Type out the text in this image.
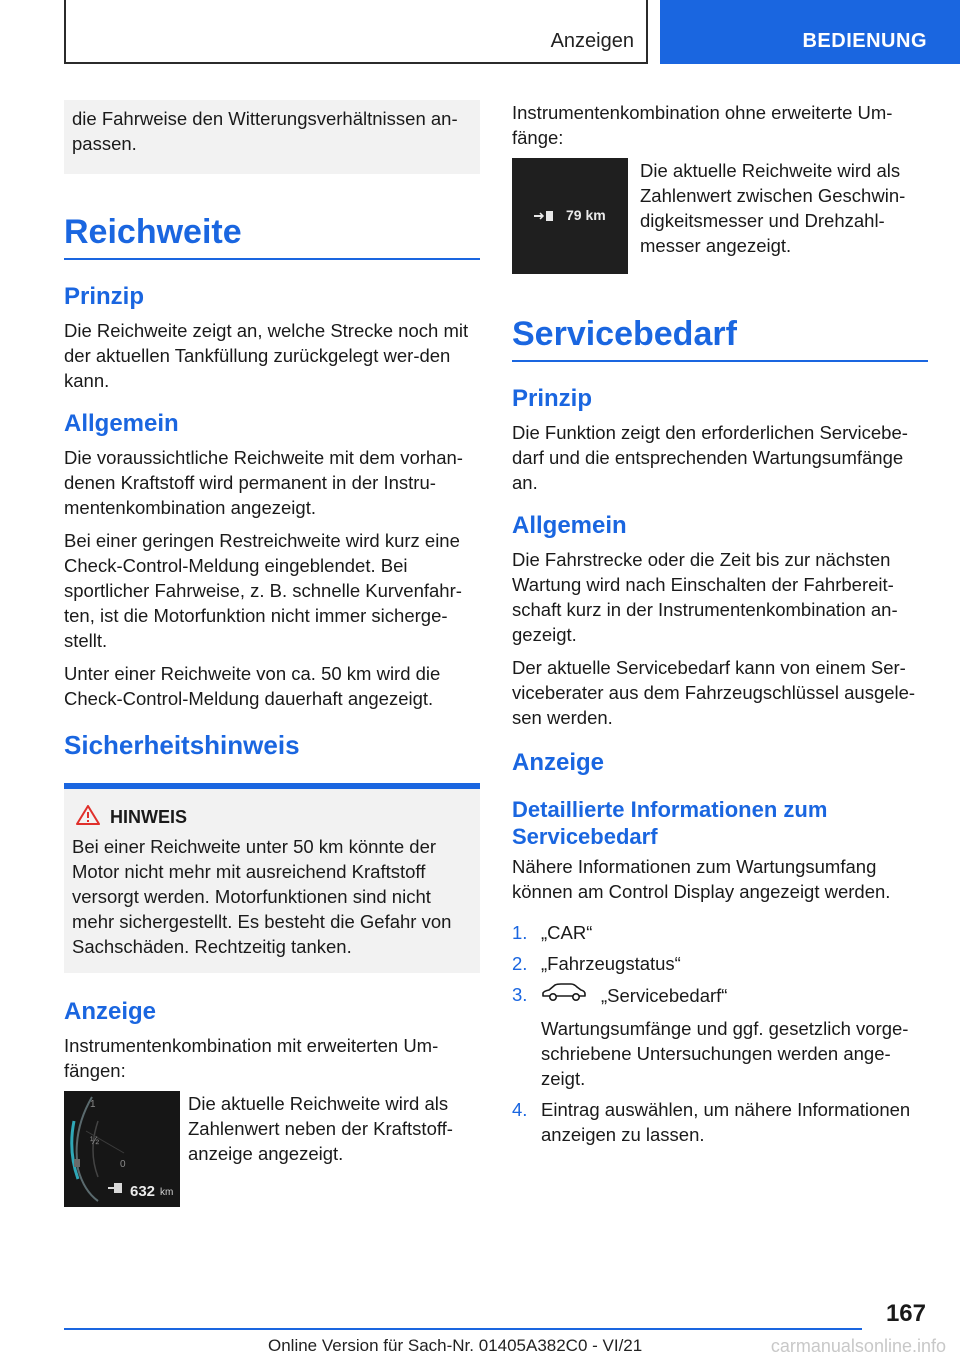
Anzeigen	BEDIENUNG

die Fahrweise den Witterungsverhältnissen an-passen.

Reichweite
Prinzip

Die Reichweite zeigt an, welche Strecke noch mit der aktuellen Tankfüllung zurückgelegt wer-den kann.

Allgemein

Die voraussichtliche Reichweite mit dem vorhan-denen Kraftstoff wird permanent in der Instru-mentenkombination angezeigt.

Bei einer geringen Restreichweite wird kurz eine Check-Control-Meldung eingeblendet. Bei sportlicher Fahrweise, z. B. schnelle Kurvenfahr-ten, ist die Motorfunktion nicht immer sicherge-stellt.

Unter einer Reichweite von ca. 50 km wird die Check-Control-Meldung dauerhaft angezeigt.

Sicherheitshinweis
HINWEIS

Bei einer Reichweite unter 50 km könnte der Motor nicht mehr mit ausreichend Kraftstoff versorgt werden. Motorfunktionen sind nicht mehr sichergestellt. Es besteht die Gefahr von Sachschäden. Rechtzeitig tanken.

Anzeige

Instrumentenkombination mit erweiterten Um-fängen:

1
½
0
632 km

Die aktuelle Reichweite wird als Zahlenwert neben der Kraftstoff-anzeige angezeigt.

Instrumentenkombination ohne erweiterte Um-fänge:

79 km

Die aktuelle Reichweite wird als Zahlenwert zwischen Geschwin-digkeitsmesser und Drehzahl-messer angezeigt.

Servicebedarf
Prinzip

Die Funktion zeigt den erforderlichen Servicebe-darf und die entsprechenden Wartungsumfänge an.

Allgemein

Die Fahrstrecke oder die Zeit bis zur nächsten Wartung wird nach Einschalten der Fahrbereit-schaft kurz in der Instrumentenkombination an-gezeigt.

Der aktuelle Servicebedarf kann von einem Ser-viceberater aus dem Fahrzeugschlüssel ausgele-sen werden.

Anzeige
Detaillierte Informationen zum Servicebedarf

Nähere Informationen zum Wartungsumfang können am Control Display angezeigt werden.

1. „CAR“
2. „Fahrzeugstatus“
3.	„Servicebedarf“
Wartungsumfänge und ggf. gesetzlich vorge-schriebene Untersuchungen werden ange-zeigt.
4. Eintrag auswählen, um nähere Informationen anzeigen zu lassen.
167
Online Version für Sach-Nr. 01405A382C0 - VI/21	carmanualsonline.info
